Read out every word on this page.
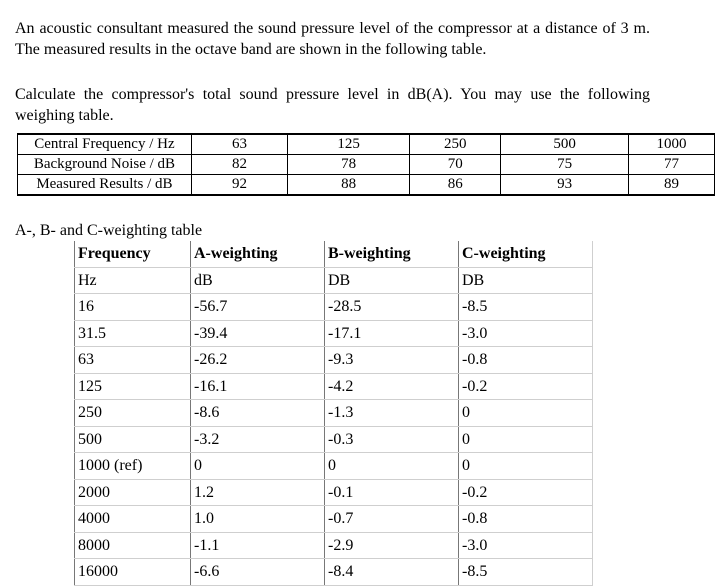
An acoustic consultant measured the sound pressure level of the compressor at a distance of 3 m. The measured results in the octave band are shown in the following table.

Calculate the compressor's total sound pressure level in dB(A). You may use the following weighing table.

Central Frequency / Hz	63	125	250	500	1000
Background Noise / dB	82	78	70	75	77
Measured Results / dB	92	88	86	93	89
A-, B- and C-weighting table
Frequency	A-weighting	B-weighting	C-weighting
Hz	dB	DB	DB
16	-56.7	-28.5	-8.5
31.5	-39.4	-17.1	-3.0
63	-26.2	-9.3	-0.8
125	-16.1	-4.2	-0.2
250	-8.6	-1.3	0
500	-3.2	-0.3	0
1000 (ref)	0	0	0
2000	1.2	-0.1	-0.2
4000	1.0	-0.7	-0.8
8000	-1.1	-2.9	-3.0
16000	-6.6	-8.4	-8.5
